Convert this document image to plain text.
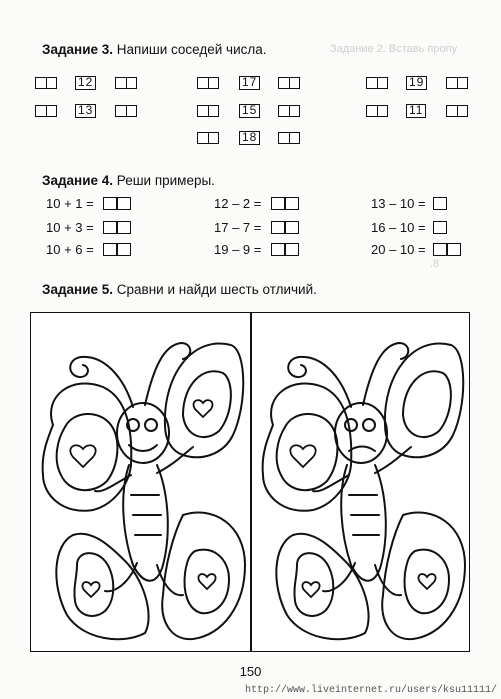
Задание 2. Вставь пропу
.8
Задание 3. Напиши соседей числа.
12
13
17
15
18
19
11
Задание 4. Реши примеры.
10 + 1 =
10 + 3 =
10 + 6 =
12 – 2 =
17 – 7 =
19 – 9 =
13 – 10 =
16 – 10 =
20 – 10 =
Задание 5. Сравни и найди шесть отличий.
150
http://www.liveinternet.ru/users/ksu11111/
